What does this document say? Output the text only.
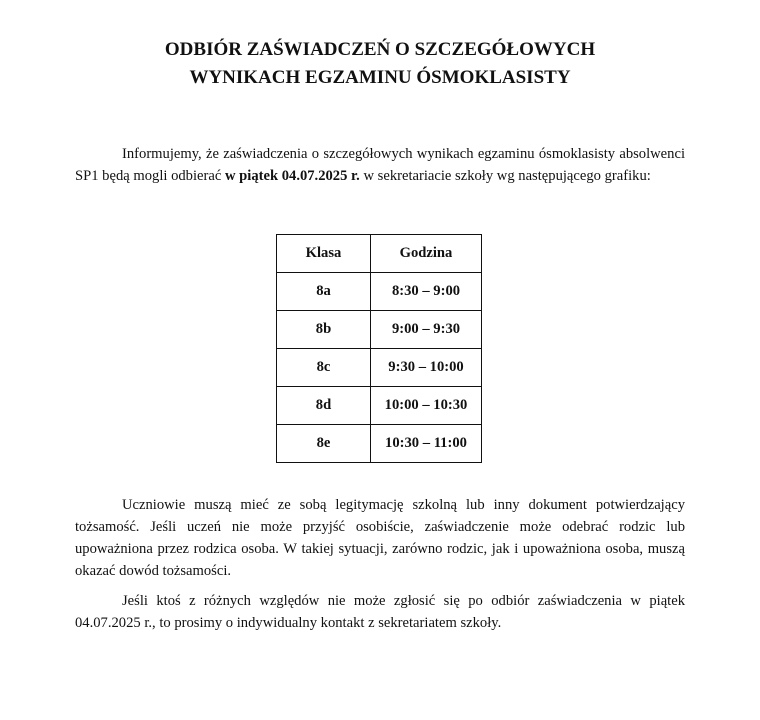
ODBIÓR ZAŚWIADCZEŃ O SZCZEGÓŁOWYCH
WYNIKACH EGZAMINU ÓSMOKLASISTY

Informujemy, że zaświadczenia o szczegółowych wynikach egzaminu ósmoklasisty absolwenci SP1 będą mogli odbierać w piątek 04.07.2025 r. w sekretariacie szkoły wg następującego grafiku:

Klasa	Godzina
8a	8:30 – 9:00
8b	9:00 – 9:30
8c	9:30 – 10:00
8d	10:00 – 10:30
8e	10:30 – 11:00

Uczniowie muszą mieć ze sobą legitymację szkolną lub inny dokument potwierdzający tożsamość. Jeśli uczeń nie może przyjść osobiście, zaświadczenie może odebrać rodzic lub upoważniona przez rodzica osoba. W takiej sytuacji, zarówno rodzic, jak i upoważniona osoba, muszą okazać dowód tożsamości.

Jeśli ktoś z różnych względów nie może zgłosić się po odbiór zaświadczenia w piątek 04.07.2025 r., to prosimy o indywidualny kontakt z sekretariatem szkoły.
